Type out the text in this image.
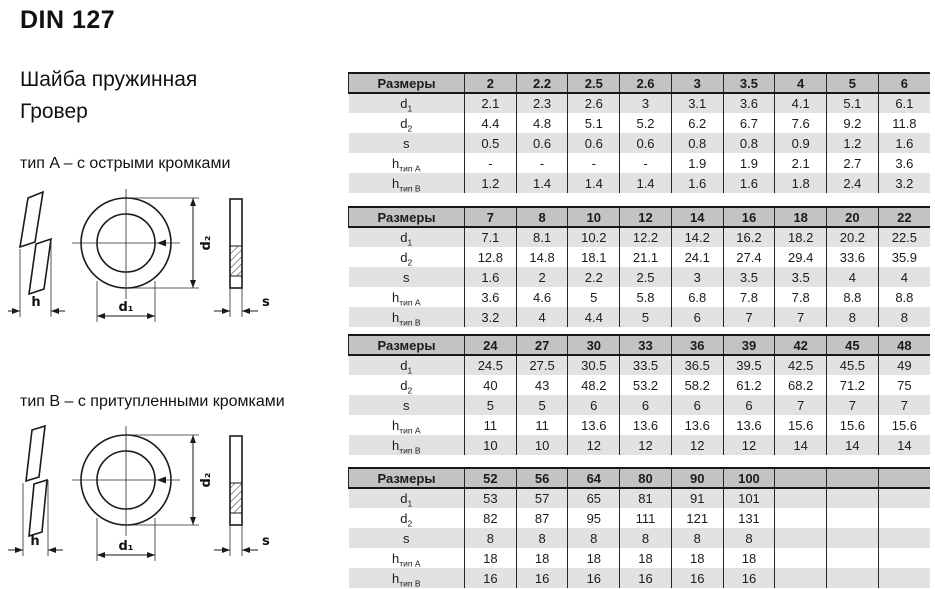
DIN 127
Шайба пружинная
Гровер
тип A – с острыми кромками
h	d₁
d₂
s
тип B – с притупленными кромками
h	d₁
d₂
s
Размеры	2	2.2	2.5	2.6	3	3.5	4	5	6
$d_1$	2.1	2.3	2.6	3	3.1	3.6	4.1	5.1	6.1
$d_2$	4.4	4.8	5.1	5.2	6.2	6.7	7.6	9.2	11.8
s	0.5	0.6	0.6	0.6	0.8	0.8	0.9	1.2	1.6
$h_{тип A}$	-	-	-	-	1.9	1.9	2.1	2.7	3.6
$h_{тип B}$	1.2	1.4	1.4	1.4	1.6	1.6	1.8	2.4	3.2
Размеры	7	8	10	12	14	16	18	20	22
$d_1$	7.1	8.1	10.2	12.2	14.2	16.2	18.2	20.2	22.5
$d_2$	12.8	14.8	18.1	21.1	24.1	27.4	29.4	33.6	35.9
s	1.6	2	2.2	2.5	3	3.5	3.5	4	4
$h_{тип A}$	3.6	4.6	5	5.8	6.8	7.8	7.8	8.8	8.8
$h_{тип B}$	3.2	4	4.4	5	6	7	7	8	8
Размеры	24	27	30	33	36	39	42	45	48
$d_1$	24.5	27.5	30.5	33.5	36.5	39.5	42.5	45.5	49
$d_2$	40	43	48.2	53.2	58.2	61.2	68.2	71.2	75
s	5	5	6	6	6	6	7	7	7
$h_{тип A}$	11	11	13.6	13.6	13.6	13.6	15.6	15.6	15.6
$h_{тип B}$	10	10	12	12	12	12	14	14	14
Размеры	52	56	64	80	90	100			
$d_1$	53	57	65	81	91	101			
$d_2$	82	87	95	111	121	131			
s	8	8	8	8	8	8			
$h_{тип A}$	18	18	18	18	18	18			
$h_{тип B}$	16	16	16	16	16	16			
